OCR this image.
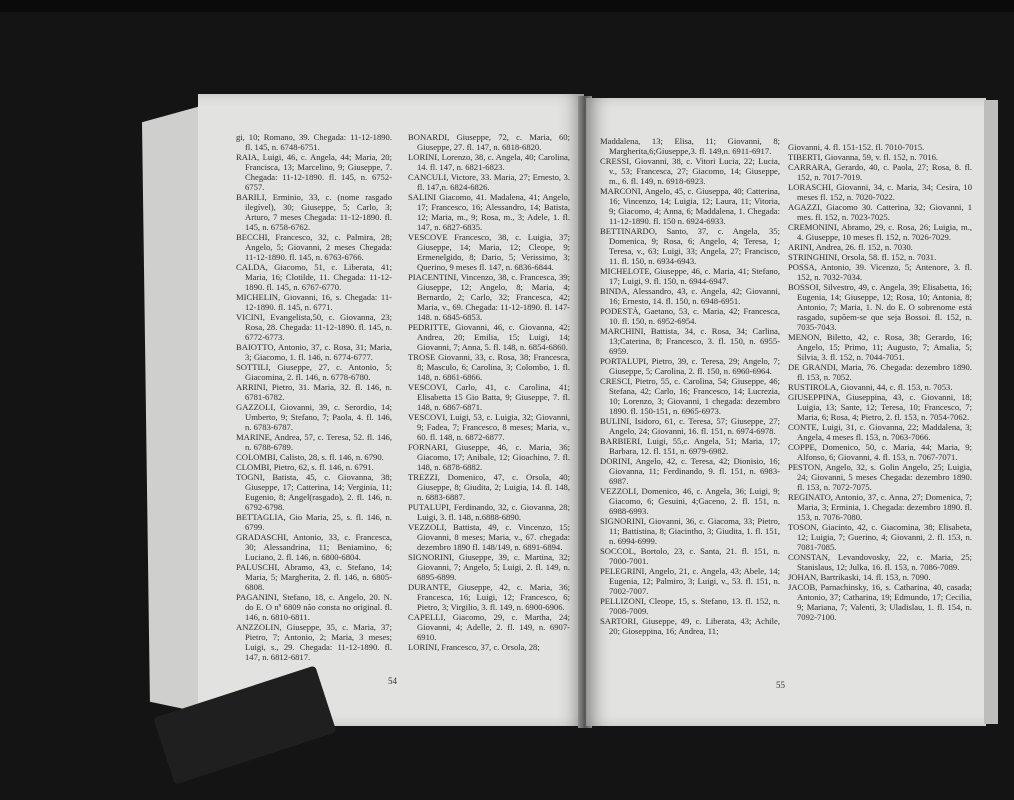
gi, 10; Romano, 39. Chegada: 11-12-1890. fl. 145, n. 6748-6751.

RAIA, Luigi, 46, c. Angela, 44; Maria, 20; Francisca, 13; Marcelino, 9; Giuseppe, 7. Chegada: 11-12-1890. fl. 145, n. 6752-6757.

BARILI, Erminio, 33, c. (nome rasgado ilegível), 30; Giuseppe, 5; Carlo, 3; Arturo, 7 meses Chegada: 11-12-1890. fl. 145, n. 6758-6762.

BECCHI, Francesco, 32, c. Palmira, 28; Angelo, 5; Giovanni, 2 meses Chegada: 11-12-1890. fl. 145, n. 6763-6766.

CALDA, Giacomo, 51, c. Liberata, 41; Maria, 16; Clotilde, 11. Chegada: 11-12-1890. fl. 145, n. 6767-6770.

MICHELIN, Giovanni, 16, s. Chegada: 11-12-1890. fl. 145, n. 6771.

VICINI, Evangelista,50, c. Giovanna, 23; Rosa, 28. Chegada: 11-12-1890. fl. 145, n. 6772-6773.

BAIOTTO, Antonio, 37, c. Rosa, 31; Maria, 3; Giacomo, 1. fl. 146, n. 6774-6777.

SOTTILI, Giuseppe, 27, c. Antonio, 5; Giacomina, 2. fl. 146, n. 6778-6780.

ARRINI, Pietro, 31. Maria, 32. fl. 146, n. 6781-6782.

GAZZOLI, Giovanni, 39, c. Serordio, 14; Umberto, 9; Stefano, 7; Paola, 4. fl. 146, n. 6783-6787.

MARINE, Andrea, 57, c. Teresa, 52. fl. 146, n. 6788-6789.

COLOMBI, Calisto, 28, s. fl. 146, n. 6790.

CLOMBI, Pietro, 62, s. fl. 146, n. 6791.

TOGNI, Batista, 45, c. Giovanna, 38; Giuseppe, 17; Catterina, 14; Verginia, 11; Eugenio, 8; Angel(rasgado), 2. fl. 146, n. 6792-6798.

BETTAGLIA, Gio Maria, 25, s. fl. 146, n. 6799.

GRADASCHI, Antonio, 33, c. Francesca, 30; Alessandrina, 11; Beniamino, 6; Luciano, 2. fl. 146, n. 6800-6804.

PALUSCHI, Abramo, 43, c. Stefano, 14; Maria, 5; Margherita, 2. fl. 146, n. 6805-6808.

PAGANINI, Stefano, 18, c. Angelo, 20. N. do E. O nº 6809 não consta no original. fl. 146, n. 6810-6811.

ANZZOLIN, Giuseppe, 35, c. Maria, 37; Pietro, 7; Antonio, 2; Maria, 3 meses; Luigi, s., 29. Chegada: 11-12-1890. fl. 147, n. 6812-6817.

BONARDI, Giuseppe, 72, c. Maria, 60; Giuseppe, 27. fl. 147, n. 6818-6820.

LORINI, Lorenzo, 38, c. Angela, 40; Carolina, 14. fl. 147, n. 6821-6823.

CANCULI, Victore, 33. Maria, 27; Ernesto, 3. fl. 147,n. 6824-6826.

SALINI Giacomo, 41. Madalena, 41; Angelo, 17; Francesco, 16; Alessandro, 14; Batista, 12; Maria, m., 9; Rosa, m., 3; Adele, 1. fl. 147, n. 6827-6835.

VESCOVE Francesco, 38, c. Luigia, 37; Giuseppe, 14; Maria, 12; Cleope, 9; Ermenelgido, 8; Dario, 5; Verissimo, 3; Querino, 9 meses fl. 147, n. 6836-6844.

PIACENTINI, Vincenzo, 38, c. Francesca, 39; Giuseppe, 12; Angelo, 8; Maria, 4; Bernardo, 2; Carlo, 32; Francesca, 42; Maria, v., 69. Chegada: 11-12-1890. fl. 147-148. n. 6845-6853.

PEDRITTE, Giovanni, 46, c. Giovanna, 42; Andrea, 20; Emilia, 15; Luigi, 14; Giovanni, 7; Anna, 5. fl. 148, n. 6854-6860.

TROSE Giovanni, 33, c. Rosa, 38; Francesca, 8; Masculo, 6; Carolina, 3; Colombo, 1. fl. 148, n. 6861-6866.

VESCOVI, Carlo, 41, c. Carolina, 41; Elisabetta 15 Gio Batta, 9; Giuseppe, 7. fl. 148, n. 6867-6871.

VESCOVI, Luigi, 53, c. Luigia, 32; Giovanni, 9; Fadea, 7; Francesco, 8 meses; Maria, v., 60. fl. 148, n. 6872-6877.

FORNARI, Giuseppe, 46, c. Maria, 36; Giacomo, 17; Anibale, 12; Gioachino, 7. fl. 148, n. 6878-6882.

TREZZI, Domenico, 47, c. Orsola, 40; Giuseppe, 8; Giudita, 2; Luigia, 14. fl. 148, n. 6883-6887.

PUTALUPI, Ferdinando, 32, c. Giovanna, 28; Luigi, 3. fl. 148, n.6888-6890.

VEZZOLI, Battista, 49, c. Vincenzo, 15; Giovanni, 8 meses; Maria, v., 67. chegada: dezembro 1890 fl. 148/149, n. 6891-6894.

SIGNORINI, Giuseppe, 39, c. Martina, 32; Giovanni, 7; Angelo, 5; Luigi, 2. fl. 149, n. 6895-6899.

DURANTE, Giuseppe, 42, c. Maria, 36; Francesca, 16; Luigi, 12; Francesco, 6; Pietro, 3; Virgilio, 3. fl. 149, n. 6900-6906.

CAPELLI, Giacomo, 29, c. Martha, 24; Giovanni, 4; Adelle, 2. fl. 149, n. 6907-6910.

LORINI, Francesco, 37, c. Orsola, 28;

54

Maddalena, 13; Elisa, 11; Giovanni, 8; Margherita,6;Giuseppe,3. fl. 149,n. 6911-6917.

CRESSI, Giovanni, 38, c. Vitori Lucia, 22; Lucia, v., 53; Francesca, 27; Giacomo, 14; Giuseppe, m., 6. fl. 149, n. 6918-6923.

MARCONI, Angelo, 45, c. Giuseppa, 40; Catterina, 16; Vincenzo, 14; Luigia, 12; Laura, 11; Vitoria, 9; Giacomo, 4; Anna, 6; Maddalena, 1. Chegada: 11-12-1890. fl. 150 n. 6924-6933.

BETTINARDO, Santo, 37, c. Angela, 35; Domenica, 9; Rosa, 6; Angelo, 4; Teresa, 1; Teresa, v., 63; Luigi, 33; Angela, 27; Francisco, 11. fl. 150, n. 6934-6943.

MICHELOTE, Giuseppe, 46, c. Maria, 41; Stefano, 17; Luigi, 9. fl. 150, n. 6944-6947.

BINDA, Alessandro, 43, c. Angela, 42; Giovanni, 16; Ernesto, 14. fl. 150, n. 6948-6951.

PODESTÀ, Gaetano, 53, c. Maria, 42; Francesca, 10. fl. 150, n. 6952-6954.

MARCHINI, Battista, 34, c. Rosa, 34; Carlina, 13;Caterina, 8; Francesco, 3. fl. 150, n. 6955-6959.

PORTALUPI, Pietro, 39, c. Teresa, 29; Angelo, 7; Giuseppe, 5; Carolina, 2. fl. 150, n. 6960-6964.

CRESCI, Pietro, 55, c. Carolina, 54; Giuseppe, 46; Stefana, 42; Carlo, 16; Francesco, 14; Lucrezia, 10; Lorenzo, 3; Giovanni, 1 chegada: dezembro 1890. fl. 150-151, n. 6965-6973.

BULINI, Isidoro, 61, c. Teresa, 57; Giuseppe, 27; Angelo, 24; Giovanni, 16. fl. 151, n. 6974-6978.

BARBIERI, Luigi, 55,c. Angela, 51; Maria, 17; Barbara, 12. fl. 151, n. 6979-6982.

DORINI, Angelo, 42, c. Teresa, 42; Dionisio, 16; Giovanna, 11; Ferdinando, 9. fl. 151, n. 6983-6987.

VEZZOLI, Domenico, 46, c. Angela, 36; Luigi, 9; Giacomo, 6; Gesuini, 4;Gaceno, 2. fl. 151, n. 6988-6993.

SIGNORINI, Giovanni, 36, c. Giacoma, 33; Pietro, 11; Battistina, 8; Giacintho, 3; Giudita, 1. fl. 151, n. 6994-6999.

SOCCOL, Bortolo, 23, c. Santa, 21. fl. 151, n. 7000-7001.

PELEGRINI, Angelo, 21, c. Angela, 43; Abele, 14; Eugenia, 12; Palmiro, 3; Luigi, v., 53. fl. 151, n. 7002-7007.

PELLIZONI, Cleope, 15, s. Stefano, 13. fl. 152, n. 7008-7009.

SARTORI, Giuseppe, 49, c. Liberata, 43; Achile, 20; Gioseppina, 16; Andrea, 11;

Giovanni, 4. fl. 151-152. fl. 7010-7015.

TIBERTI, Giovanna, 59, v. fl. 152, n. 7016.

CARRARA, Gerardo, 40, c. Paola, 27; Rosa, 8. fl. 152, n. 7017-7019.

LORASCHI, Giovanni, 34, c. Maria, 34; Cesira, 10 meses fl. 152, n. 7020-7022.

AGAZZI, Giacomo 30. Catterina, 32; Giovanni, 1 mes. fl. 152, n. 7023-7025.

CREMONINI, Abramo, 29, c. Rosa, 26; Luigia, m., 4. Giuseppe, 10 meses fl. 152, n. 7026-7029.

ARINI, Andrea, 26. fl. 152, n. 7030.

STRINGHINI, Orsola, 58. fl. 152, n. 7031.

POSSA, Antonio, 39. Vicenzo, 5; Antenore, 3. fl. 152, n. 7032-7034.

BOSSOI, Silvestro, 49, c. Angela, 39; Elisabetta, 16; Eugenia, 14; Giuseppe, 12; Rosa, 10; Antonia, 8; Antonio, 7; Maria, 1. N. do E. O sobrenome está rasgado, supõem-se que seja Bossoi. fl. 152, n. 7035-7043.

MENON, Biletto, 42, c. Rosa, 38; Gerardo, 16; Angelo, 15; Primo, 11; Augusto, 7; Amalia, 5; Silvia, 3. fl. 152, n. 7044-7051.

DE GRANDI, Maria, 76. Chegada: dezembro 1890. fl. 153, n. 7052.

RUSTIROLA, Giovanni, 44, c. fl. 153, n. 7053.

GIUSEPPINA, Giuseppina, 43, c. Giovanni, 18; Luigia, 13; Sante, 12; Teresa, 10; Francesco, 7; Maria, 6; Rosa, 4; Pietro, 2. fl. 153, n. 7054-7062.

CONTE, Luigi, 31, c. Giovanna, 22; Maddalena, 3; Angela, 4 meses fl. 153, n. 7063-7066.

COPPE, Domenico, 50, c. Maria, 44; Maria, 9; Alfonso, 6; Giovanni, 4. fl. 153, n. 7067-7071.

PESTON, Angelo, 32, s. Golin Angelo, 25; Luigia, 24; Giovanni, 5 meses Chegada: dezembro 1890. fl. 153, n. 7072-7075.

REGINATO, Antonio, 37, c. Anna, 27; Domenica, 7; Maria, 3; Erminia, 1. Chegada: dezembro 1890. fl. 153, n. 7076-7080.

TOSON, Giacinto, 42, c. Giacomina, 38; Elisabeta, 12; Luigia, 7; Guerino, 4; Giovanni, 2. fl. 153, n. 7081-7085.

CONSTAN, Levandovosky, 22, c. Maria, 25; Stanislaus, 12; Julka, 16. fl. 153, n. 7086-7089.

JOHAN, Bartrikaski, 14. fl. 153, n. 7090.

JACOB, Parnachinsky, 16, s. Catharina, 40, casada; Antonio, 37; Catharina, 19; Edmundo, 17; Cecilia, 9; Mariana, 7; Valenti, 3; Uladislau, 1. fl. 154, n. 7092-7100.

55
